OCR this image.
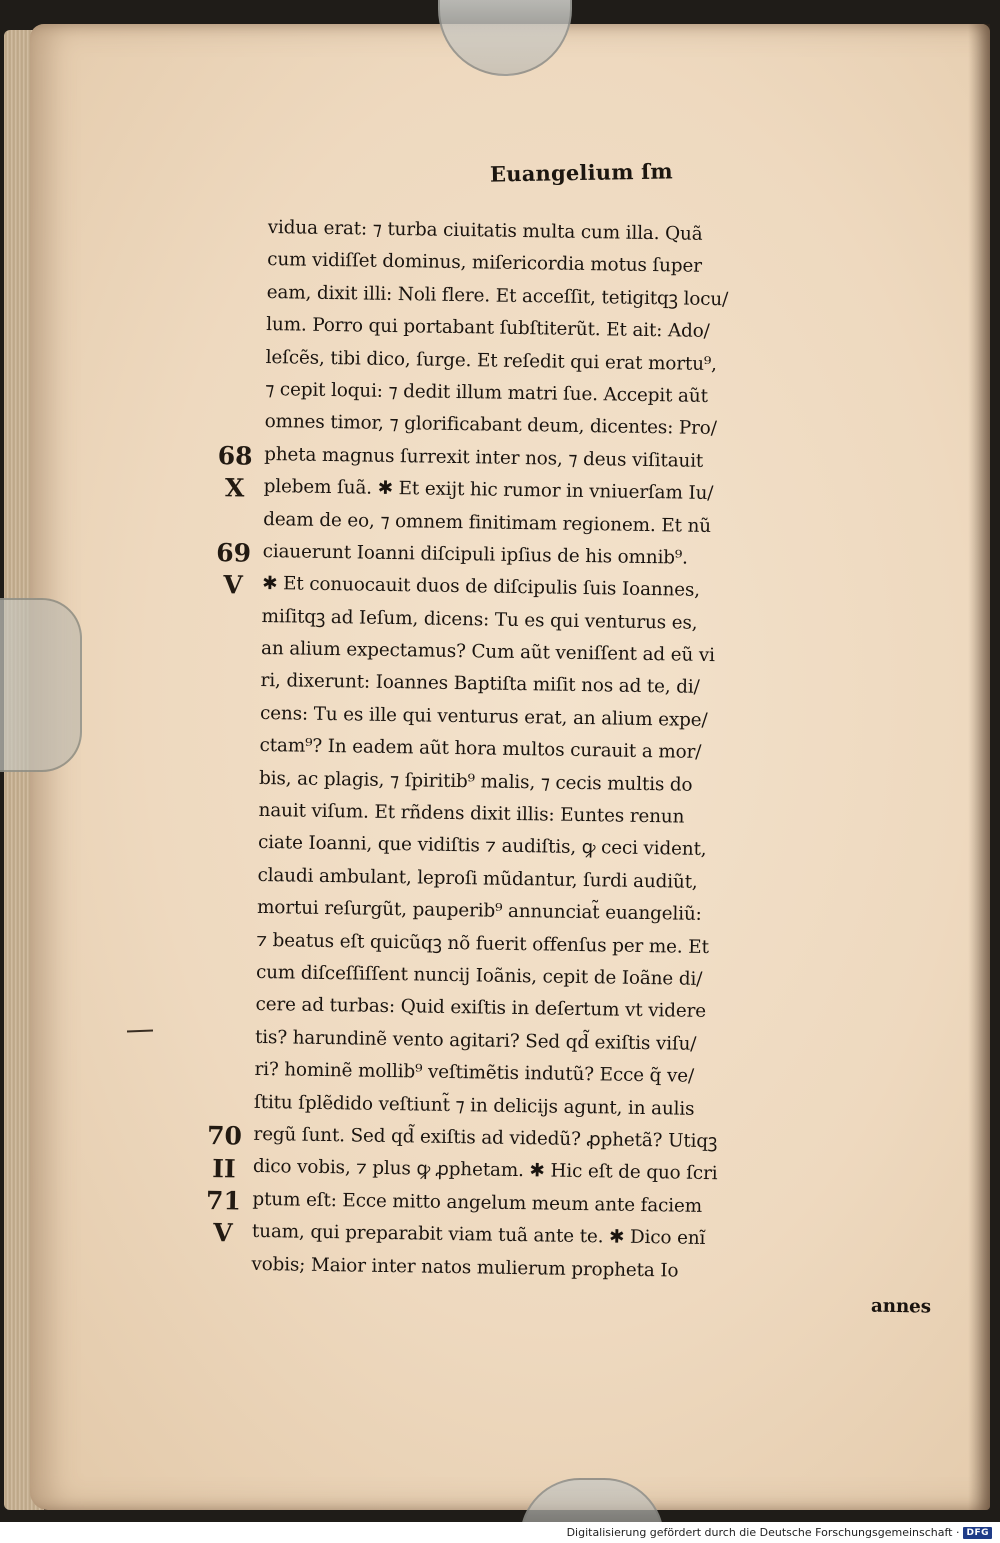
Euangelium ſm
vidua erat: ⁊ turba ciuitatis multa cum illa. Quã
cum vidiſſet dominus, miſericordia motus ſuper
eam, dixit illi: Noli flere. Et acceſſit, tetigitqꝫ locu/
lum. Porro qui portabant ſubſtiterũt. Et ait: Ado/
leſcẽs, tibi dico, ſurge. Et reſedit qui erat mortu⁹,
⁊ cepit loqui: ⁊ dedit illum matri ſue. Accepit aũt
omnes timor, ⁊ glorificabant deum, dicentes: Pro/
pheta magnus ſurrexit inter nos, ⁊ deus viſitauit
plebem ſuã. ✱ Et exijt hic rumor in vniuerſam Iu/
deam de eo, ⁊ omnem finitimam regionem. Et nũ
ciauerunt Ioanni diſcipuli ipſius de his omnib⁹.
✱ Et conuocauit duos de diſcipulis ſuis Ioannes,
miſitqꝫ ad Ieſum, dicens: Tu es qui venturus es,
an alium expectamus? Cum aũt veniſſent ad eũ vi
ri, dixerunt: Ioannes Baptiſta miſit nos ad te, di/
cens: Tu es ille qui venturus erat, an alium expe/
ctam⁹? In eadem aũt hora multos curauit a mor/
bis, ac plagis, ⁊ ſpiritib⁹ malis, ⁊ cecis multis do
nauit viſum. Et rñdens dixit illis: Euntes renun
ciate Ioanni, que vidiſtis ⁊ audiſtis, ꝙ ceci vident,
claudi ambulant, leproſi mũdantur, ſurdi audiũt,
mortui reſurgũt, pauperib⁹ annunciat̃ euangeliũ:
⁊ beatus eſt quicũqꝫ nõ fuerit offenſus per me. Et
cum diſceſſiſſent nuncij Ioãnis, cepit de Ioãne di/
cere ad turbas: Quid exiſtis in deſertum vt videre
tis? harundinẽ vento agitari? Sed qd̃ exiſtis viſu/
ri? hominẽ mollib⁹ veſtimẽtis indutũ? Ecce q̃ ve/
ſtitu ſplẽdido veſtiunt̃ ⁊ in delicijs agunt, in aulis
regũ ſunt. Sed qd̃ exiſtis ad videdũ? ꝓphetã? Utiqꝫ
dico vobis, ⁊ plus ꝙ ꝓphetam. ✱ Hic eſt de quo ſcri
ptum eſt: Ecce mitto angelum meum ante faciem
tuam, qui preparabit viam tuã ante te. ✱ Dico enĩ
vobis; Maior inter natos mulierum propheta Io
annes
68
X
69
V
70
II
71
V
Digitalisierung gefördert durch die Deutsche Forschungsgemeinschaft · DFG
